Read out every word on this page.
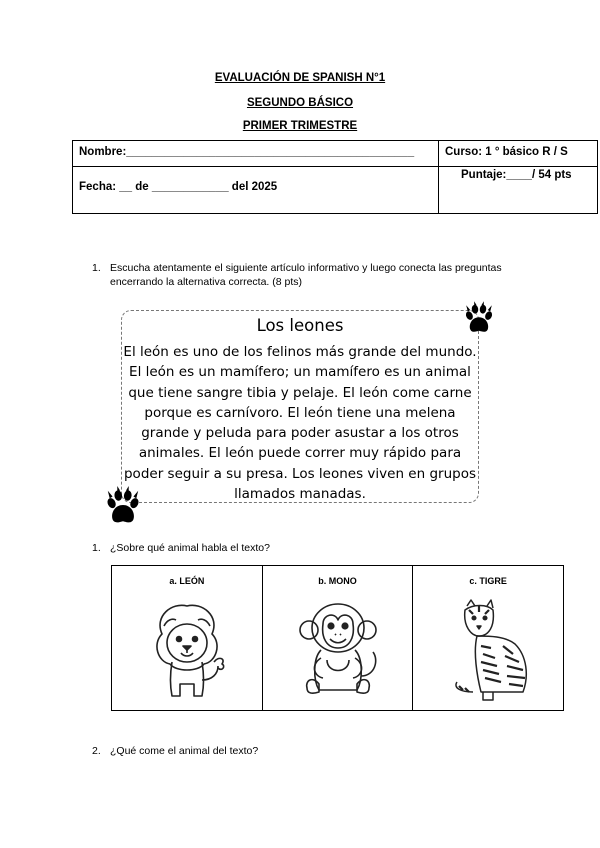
EVALUACIÓN DE SPANISH N°1
SEGUNDO BÁSICO
PRIMER TRIMESTRE
Nombre:_____________________________________________	Curso: 1 ° básico R / S
Fecha: __ de ____________ del 2025
Puntaje:____/ 54 pts
1. Escucha atentamente el siguiente artículo informativo y luego conecta las preguntas
encerrando la alternativa correcta. (8 pts)
Los leones
El león es uno de los felinos más grande del mundo.
El león es un mamífero; un mamífero es un animal
que tiene sangre tibia y pelaje. El león come carne
porque es carnívoro. El león tiene una melena
grande y peluda para poder asustar a los otros
animales. El león puede correr muy rápido para
poder seguir a su presa. Los leones viven en grupos
llamados manadas.
1. ¿Sobre qué animal habla el texto?
a. LEÓN	b. MONO	c. TIGRE
2. ¿Qué come el animal del texto?
